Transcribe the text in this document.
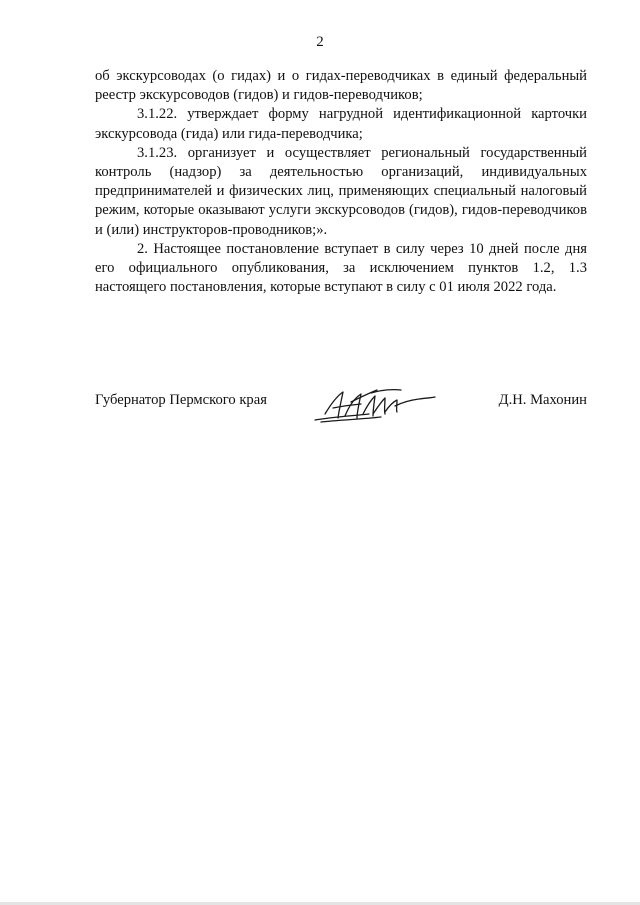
2

об экскурсоводах (о гидах) и о гидах-переводчиках в единый федеральный реестр экскурсоводов (гидов) и гидов-переводчиков;

3.1.22. утверждает форму нагрудной идентификационной карточки экскурсовода (гида) или гида-переводчика;

3.1.23. организует и осуществляет региональный государственный контроль (надзор) за деятельностью организаций, индивидуальных предпринимателей и физических лиц, применяющих специальный налоговый режим, которые оказывают услуги экскурсоводов (гидов), гидов-переводчиков и (или) инструкторов-проводников;».

2. Настоящее постановление вступает в силу через 10 дней после дня его официального опубликования, за исключением пунктов 1.2, 1.3 настоящего постановления, которые вступают в силу с 01 июля 2022 года.

Губернатор Пермского края	Д.Н. Махонин
